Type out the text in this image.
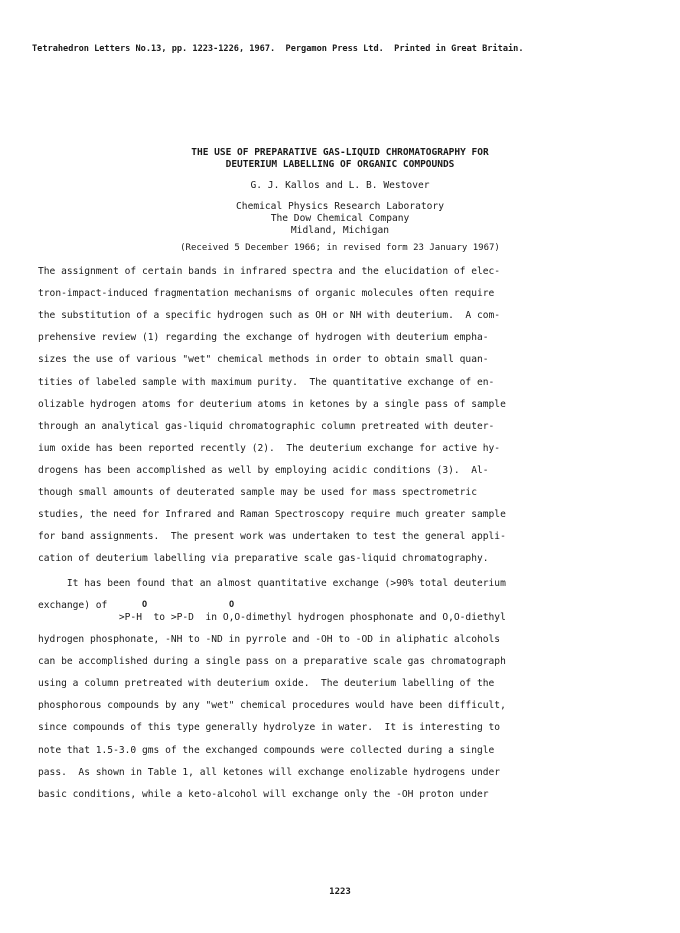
Tetrahedron Letters No.13, pp. 1223-1226, 1967.  Pergamon Press Ltd.  Printed in Great Britain.
THE USE OF PREPARATIVE GAS-LIQUID CHROMATOGRAPHY FOR
DEUTERIUM LABELLING OF ORGANIC COMPOUNDS
G. J. Kallos and L. B. Westover
Chemical Physics Research Laboratory
The Dow Chemical Company
Midland, Michigan
(Received 5 December 1966; in revised form 23 January 1967)
The assignment of certain bands in infrared spectra and the elucidation of elec-
tron-impact-induced fragmentation mechanisms of organic molecules often require
the substitution of a specific hydrogen such as OH or NH with deuterium.  A com-
prehensive review (1) regarding the exchange of hydrogen with deuterium empha-
sizes the use of various "wet" chemical methods in order to obtain small quan-
tities of labeled sample with maximum purity.  The quantitative exchange of en-
olizable hydrogen atoms for deuterium atoms in ketones by a single pass of sample
through an analytical gas-liquid chromatographic column pretreated with deuter-
ium oxide has been reported recently (2).  The deuterium exchange for active hy-
drogens has been accomplished as well by employing acidic conditions (3).  Al-
though small amounts of deuterated sample may be used for mass spectrometric
studies, the need for Infrared and Raman Spectroscopy require much greater sample
for band assignments.  The present work was undertaken to test the general appli-
cation of deuterium labelling via preparative scale gas-liquid chromatography.
It has been found that an almost quantitative exchange (>90% total deuterium
exchange) of	O	O
>P-H  to >P-D  in O,O-dimethyl hydrogen phosphonate and O,O-diethyl
hydrogen phosphonate, -NH to -ND in pyrrole and -OH to -OD in aliphatic alcohols
can be accomplished during a single pass on a preparative scale gas chromatograph
using a column pretreated with deuterium oxide.  The deuterium labelling of the
phosphorous compounds by any "wet" chemical procedures would have been difficult,
since compounds of this type generally hydrolyze in water.  It is interesting to
note that 1.5-3.0 gms of the exchanged compounds were collected during a single
pass.  As shown in Table 1, all ketones will exchange enolizable hydrogens under
basic conditions, while a keto-alcohol will exchange only the -OH proton under
1223
